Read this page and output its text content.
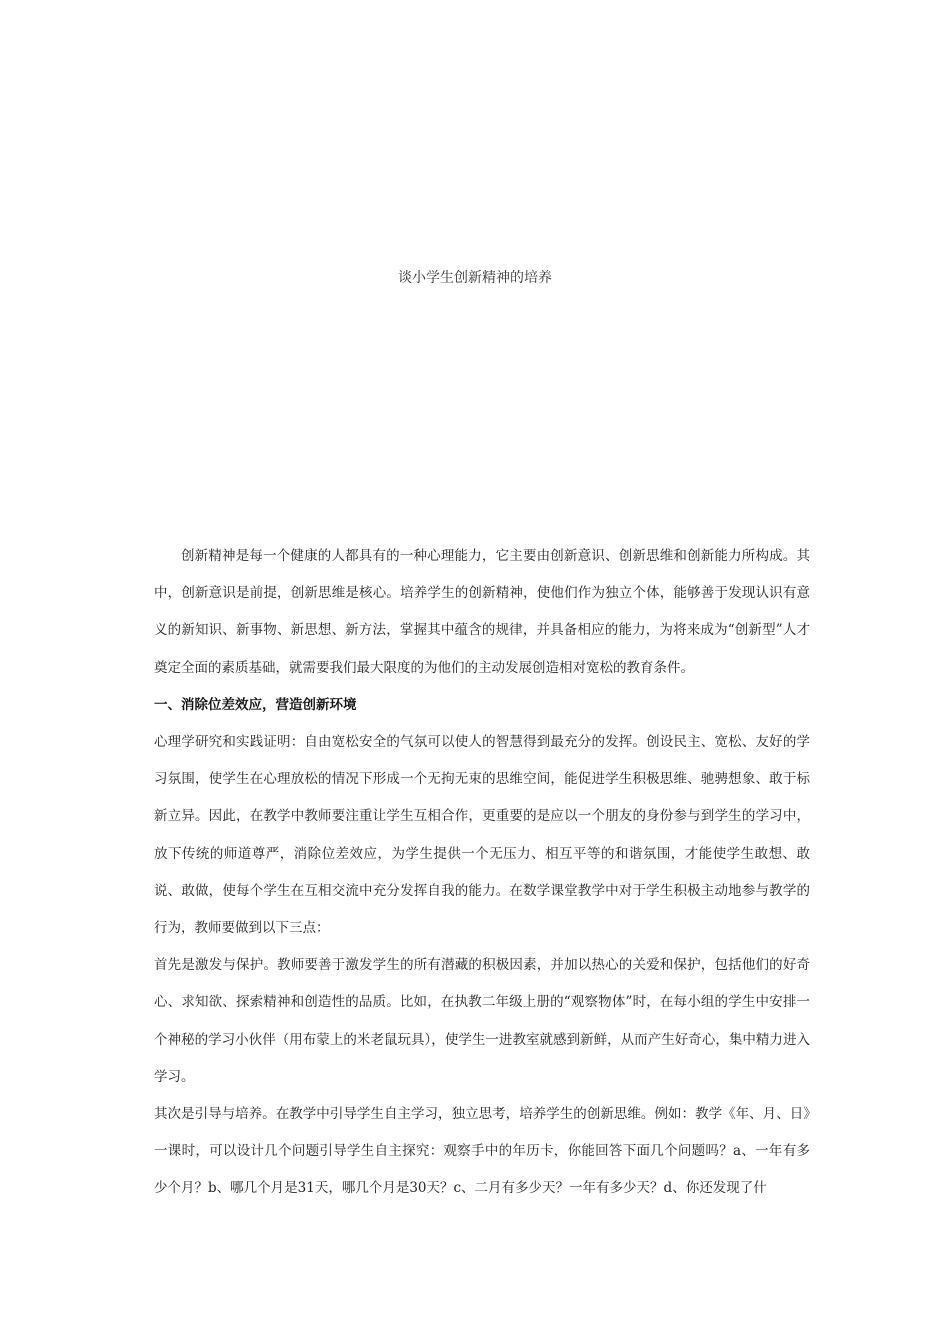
谈小学生创新精神的培养

创新精神是每一个健康的人都具有的一种心理能力，它主要由创新意识、创新思维和创新能力所构成。其中，创新意识是前提，创新思维是核心。培养学生的创新精神，使他们作为独立个体，能够善于发现认识有意义的新知识、新事物、新思想、新方法，掌握其中蕴含的规律，并具备相应的能力，为将来成为“创新型”人才奠定全面的素质基础，就需要我们最大限度的为他们的主动发展创造相对宽松的教育条件。

一、消除位差效应，营造创新环境

心理学研究和实践证明：自由宽松安全的气氛可以使人的智慧得到最充分的发挥。创设民主、宽松、友好的学习氛围，使学生在心理放松的情况下形成一个无拘无束的思维空间，能促进学生积极思维、驰骋想象、敢于标新立异。因此，在教学中教师要注重让学生互相合作，更重要的是应以一个朋友的身份参与到学生的学习中，放下传统的师道尊严，消除位差效应，为学生提供一个无压力、相互平等的和谐氛围，才能使学生敢想、敢说、敢做，使每个学生在互相交流中充分发挥自我的能力。在数学课堂教学中对于学生积极主动地参与教学的行为，教师要做到以下三点：

首先是激发与保护。教师要善于激发学生的所有潜藏的积极因素，并加以热心的关爱和保护，包括他们的好奇心、求知欲、探索精神和创造性的品质。比如，在执教二年级上册的“观察物体”时，在每小组的学生中安排一个神秘的学习小伙伴（用布蒙上的米老鼠玩具），使学生一进教室就感到新鲜，从而产生好奇心，集中精力进入学习。

其次是引导与培养。在教学中引导学生自主学习，独立思考，培养学生的创新思维。例如：教学《年、月、日》一课时，可以设计几个问题引导学生自主探究：观察手中的年历卡，你能回答下面几个问题吗？a、一年有多少个月？b、哪几个月是31天，哪几个月是30天？c、二月有多少天？一年有多少天？d、你还发现了什
